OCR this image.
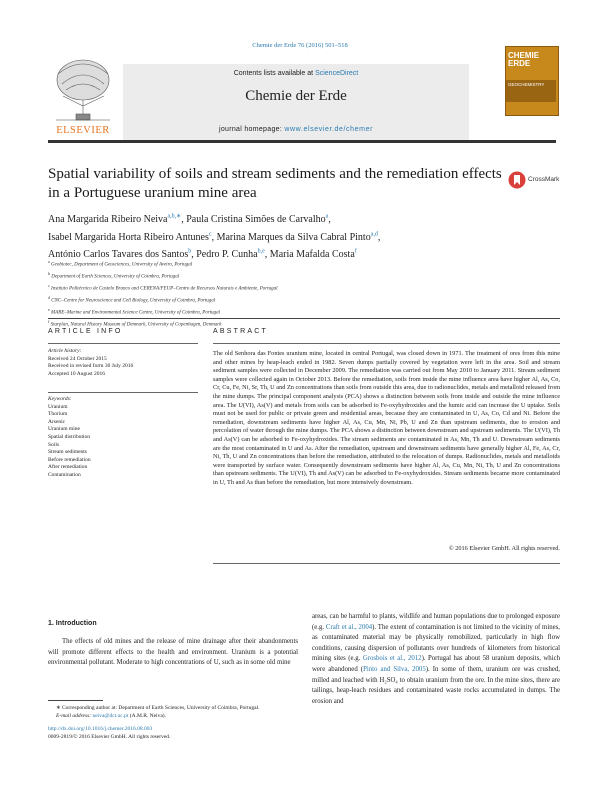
Chemie der Erde 76 (2016) 501–518
Contents lists available at ScienceDirect
Chemie der Erde
journal homepage: www.elsevier.de/chemer
ELSEVIER
CHEMIE
ERDE
GEOCHEMISTRY
Spatial variability of soils and stream sediments and the remediation effects in a Portuguese uranium mine area
CrossMark
Ana Margarida Ribeiro Neiva$^{a,b,∗}$, Paula Cristina Simões de Carvalho$^a$,
Isabel Margarida Horta Ribeiro Antunes$^c$, Marina Marques da Silva Cabral Pinto$^{a,d}$,
António Carlos Tavares dos Santos$^b$, Pedro P. Cunha$^{b,e}$, Maria Mafalda Costa$^f$
$^a$ Geobiotec, Department of Geosciences, University of Aveiro, Portugal
$^b$ Department of Earth Sciences, University of Coimbra, Portugal
$^c$ Instituto Politécnico de Castelo Branco and CERENA/FEUP–Centro de Recursos Naturais e Ambiente, Portugal
$^d$ CNC–Centre for Neuroscience and Cell Biology, University of Coimbra, Portugal
$^e$ MARE–Marine and Environmental Science Centre, University of Coimbra, Portugal
$^f$ Starplan, Natural History Museum of Denmark, University of Copenhagen, Denmark
ARTICLE INFO
Article history:
Received 24 October 2015
Received in revised form 30 July 2016
Accepted 10 August 2016
Keywords:
Uranium
Thorium
Arsenic
Uranium mine
Spatial distribution
Soils
Stream sediments
Before remediation
After remediation
Contamination
ABSTRACT
The old Senhora das Fontes uranium mine, located in central Portugal, was closed down in 1971. The treatment of ores from this mine and other mines by heap-leach ended in 1982. Seven dumps partially covered by vegetation were left in the area. Soil and stream sediment samples were collected in December 2009. The remediation was carried out from May 2010 to January 2011. Stream sediment samples were collected again in October 2013. Before the remediation, soils from inside the mine influence area have higher Al, As, Co, Cr, Cu, Fe, Ni, Sr, Th, U and Zn concentrations than soils from outside this area, due to radionuclides, metals and metalloid released from the mine dumps. The principal component analysis (PCA) shows a distinction between soils from inside and outside the mine influence area. The U(VI), As(V) and metals from soils can be adsorbed to Fe-oxyhydroxides and the humic acid can increase the U uptake. Soils must not be used for public or private green and residential areas, because they are contaminated in U, As, Co, Cd and Ni. Before the remediation, downstream sediments have higher Al, As, Cu, Mn, Ni, Pb, U and Zn than upstream sediments, due to erosion and percolation of water through the mine dumps. The PCA shows a distinction between downstream and upstream sediments. The U(VI), Th and As(V) can be adsorbed to Fe-oxyhydroxides. The stream sediments are contaminated in As, Mn, Th and U. Downstream sediments are the most contaminated in U and As. After the remediation, upstream and downstream sediments have generally higher Al, Fe, As, Cr, Ni, Th, U and Zn concentrations than before the remediation, attributed to the relocation of dumps. Radionuclides, metals and metalloids were transported by surface water. Consequently downstream sediments have higher Al, As, Cu, Mn, Ni, Th, U and Zn concentrations than upstream sediments. The U(VI), Th and As(V) can be adsorbed to Fe-oxyhydroxides. Stream sediments became more contaminated in U, Th and As than before the remediation, but more intensively downstream.
© 2016 Elsevier GmbH. All rights reserved.
1. Introduction
The effects of old mines and the release of mine drainage after their abandonments will promote different effects to the health and environment. Uranium is a potential environmental pollutant. Moderate to high concentrations of U, such as in some old mine
areas, can be harmful to plants, wildlife and human populations due to prolonged exposure (e.g. Craft et al., 2004). The extent of contamination is not limited to the vicinity of mines, as contaminated material may be physically remobilized, particularly in high flow conditions, causing dispersion of pollutants over hundreds of kilometers from historical mining sites (e.g. Grosbois et al., 2012). Portugal has about 58 uranium deposits, which were abandoned (Pinto and Silva, 2005). In some of them, uranium ore was crushed, milled and leached with H₂SO₄ to obtain uranium from the ore. In the mine sites, there are tailings, heap-leach residues and contaminated waste rocks accumulated in dumps. The erosion and
∗ Corresponding author at: Department of Earth Sciences, University of Coimbra, Portugal.
E-mail address: neiva@dct.uc.pt (A.M.R. Neiva).
http://dx.doi.org/10.1016/j.chemer.2016.08.003
0009-2819/© 2016 Elsevier GmbH. All rights reserved.
